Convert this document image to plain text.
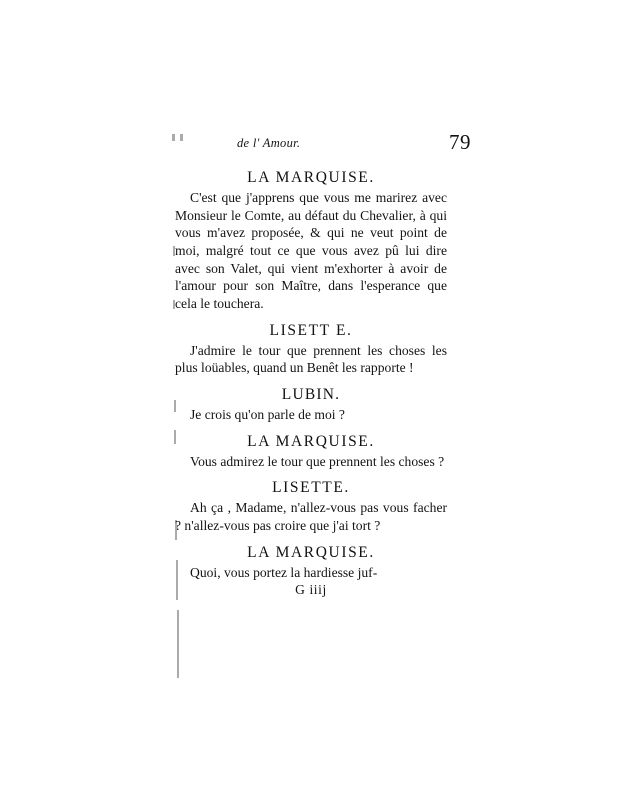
de l' Amour.	79
LA MARQUISE.

C'est que j'apprens que vous me marirez avec Monsieur le Comte, au défaut du Chevalier, à qui vous m'avez proposée, & qui ne veut point de moi, malgré tout ce que vous avez pû lui dire avec son Valet, qui vient m'exhorter à avoir de l'amour pour son Maître, dans l'esperance que cela le touchera.

LISETT E.

J'admire le tour que prennent les choses les plus loüables, quand un Benêt les rapporte !

LUBIN.

Je crois qu'on parle de moi ?

LA MARQUISE.

Vous admirez le tour que prennent les choses ?

LISETTE.

Ah ça , Madame, n'allez-vous pas vous facher ? n'allez-vous pas croire que j'ai tort ?

LA MARQUISE.

Quoi, vous portez la hardiesse juf-

G iiij
